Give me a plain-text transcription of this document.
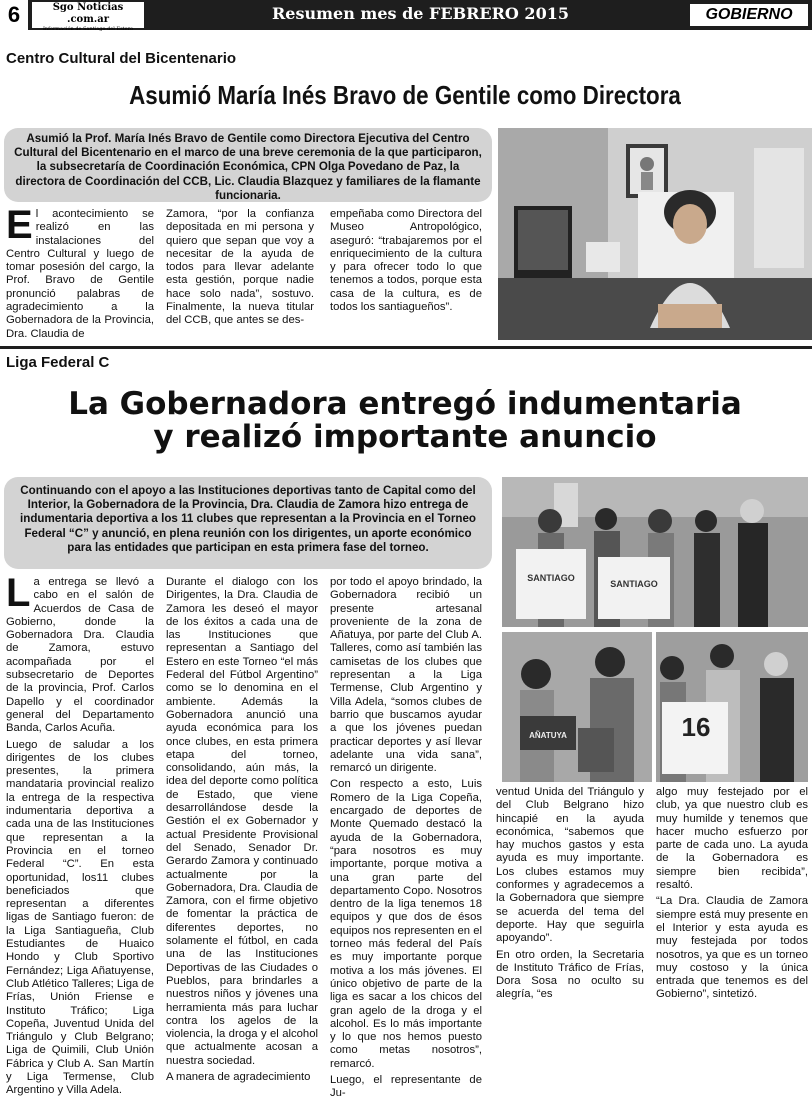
6	Sgo Noticias .com.ar
Información de Santiago del Estero
Resumen mes de FEBRERO 2015	GOBIERNO
Centro Cultural del Bicentenario
Asumió María Inés Bravo de Gentile como Directora
Asumió la Prof. María Inés Bravo de Gentile como Directora Ejecutiva del Centro Cultural del Bicentenario en el marco de una breve ceremonia de la que participaron, la subsecretaría de Coordinación Económica, CPN Olga Povedano de Paz, la directora de Coordinación del CCB, Lic. Claudia Blazquez y familiares de la flamante funcionaria.
El acontecimiento se realizó en las instalaciones del Centro Cultural y luego de tomar posesión del cargo, la Prof. Bravo de Gentile pronunció palabras de agradecimiento a la Gobernadora de la Provincia, Dra. Claudia de
Zamora, “por la confianza depositada en mi persona y quiero que sepan que voy a necesitar de la ayuda de todos para llevar adelante esta gestión, porque nadie hace solo nada”, sostuvo. Finalmente, la nueva titular del CCB, que antes se des-
empeñaba como Directora del Museo Antropológico, aseguró: “trabajaremos por el enriquecimiento de la cultura y para ofrecer todo lo que tenemos a todos, porque esta casa de la cultura, es de todos los santiagueños”.
Liga Federal C
La Gobernadora entregó indumentaria
y realizó importante anuncio
Continuando con el apoyo a las Instituciones deportivas tanto de Capital como del Interior, la Gobernadora de la Provincia, Dra. Claudia de Zamora hizo entrega de indumentaria deportiva a los 11 clubes que representan a la Provincia en el Torneo Federal “C” y anunció, en plena reunión con los dirigentes, un aporte económico para las entidades que participan en esta primera fase del torneo.

La entrega se llevó a cabo en el salón de Acuerdos de Casa de Gobierno, donde la Gobernadora Dra. Claudia de Zamora, estuvo acompañada por el subsecretario de Deportes de la provincia, Prof. Carlos Dapello y el coordinador general del Departamento Banda, Carlos Acuña.

Luego de saludar a los dirigentes de los clubes presentes, la primera mandataria provincial realizo la entrega de la respectiva indumentaria deportiva a cada una de las Instituciones que representan a la Provincia en el torneo Federal “C”. En esta oportunidad, los11 clubes beneficiados que representan a diferentes ligas de Santiago fueron: de la Liga Santiagueña, Club Estudiantes de Huaico Hondo y Club Sportivo Fernández; Liga Añatuyense, Club Atlético Talleres; Liga de Frías, Unión Friense e Instituto Tráfico; Liga Copeña, Juventud Unida del Triángulo y Club Belgrano; Liga de Quimili, Club Unión Fábrica y Club A. San Martín y Liga Termense, Club Argentino y Villa Adela.

Durante el dialogo con los Dirigentes, la Dra. Claudia de Zamora les deseó el mayor de los éxitos a cada una de las Instituciones que representan a Santiago del Estero en este Torneo “el más Federal del Fútbol Argentino” como se lo denomina en el ambiente. Además la Gobernadora anunció una ayuda económica para los once clubes, en esta primera etapa del torneo, consolidando, aún más, la idea del deporte como política de Estado, que viene desarrollándose desde la Gestión el ex Gobernador y actual Presidente Provisional del Senado, Senador Dr. Gerardo Zamora y continuado actualmente por la Gobernadora, Dra. Claudia de Zamora, con el firme objetivo de fomentar la práctica de diferentes deportes, no solamente el fútbol, en cada una de las Instituciones Deportivas de las Ciudades o Pueblos, para brindarles a nuestros niños y jóvenes una herramienta más para luchar contra los agelos de la violencia, la droga y el alcohol que actualmente acosan a nuestra sociedad.

A manera de agradecimiento

por todo el apoyo brindado, la Gobernadora recibió un presente artesanal proveniente de la zona de Añatuya, por parte del Club A. Talleres, como así también las camisetas de los clubes que representan a la Liga Termense, Club Argentino y Villa Adela, “somos clubes de barrio que buscamos ayudar a que los jóvenes puedan practicar deportes y así llevar adelante una vida sana”, remarcó un dirigente.

Con respecto a esto, Luis Romero de la Liga Copeña, encargado de deportes de Monte Quemado destacó la ayuda de la Gobernadora, “para nosotros es muy importante, porque motiva a una gran parte del departamento Copo. Nosotros dentro de la liga tenemos 18 equipos y que dos de ésos equipos nos representen en el torneo más federal del País es muy importante porque motiva a los más jóvenes. El único objetivo de parte de la liga es sacar a los chicos del gran agelo de la droga y el alcohol. Es lo más importante y lo que nos hemos puesto como metas nosotros”, remarcó.

Luego, el representante de Ju-

ventud Unida del Triángulo y del Club Belgrano hizo hincapié en la ayuda económica, “sabemos que hay muchos gastos y esta ayuda es muy importante. Los clubes estamos muy conformes y agradecemos a la Gobernadora que siempre se acuerda del tema del deporte. Hay que seguirla apoyando”.

En otro orden, la Secretaria de Instituto Tráfico de Frías, Dora Sosa no oculto su alegría, “es

algo muy festejado por el club, ya que nuestro club es muy humilde y tenemos que hacer mucho esfuerzo por parte de cada uno. La ayuda de la Gobernadora es siempre bien recibida”, resaltó.

“La Dra. Claudia de Zamora siempre está muy presente en el Interior y esta ayuda es muy festejada por todos nosotros, ya que es un torneo muy costoso y la única entrada que tenemos es del Gobierno”, sintetizó.

SANTIAGO
SANTIAGO
AÑATUYA	16
